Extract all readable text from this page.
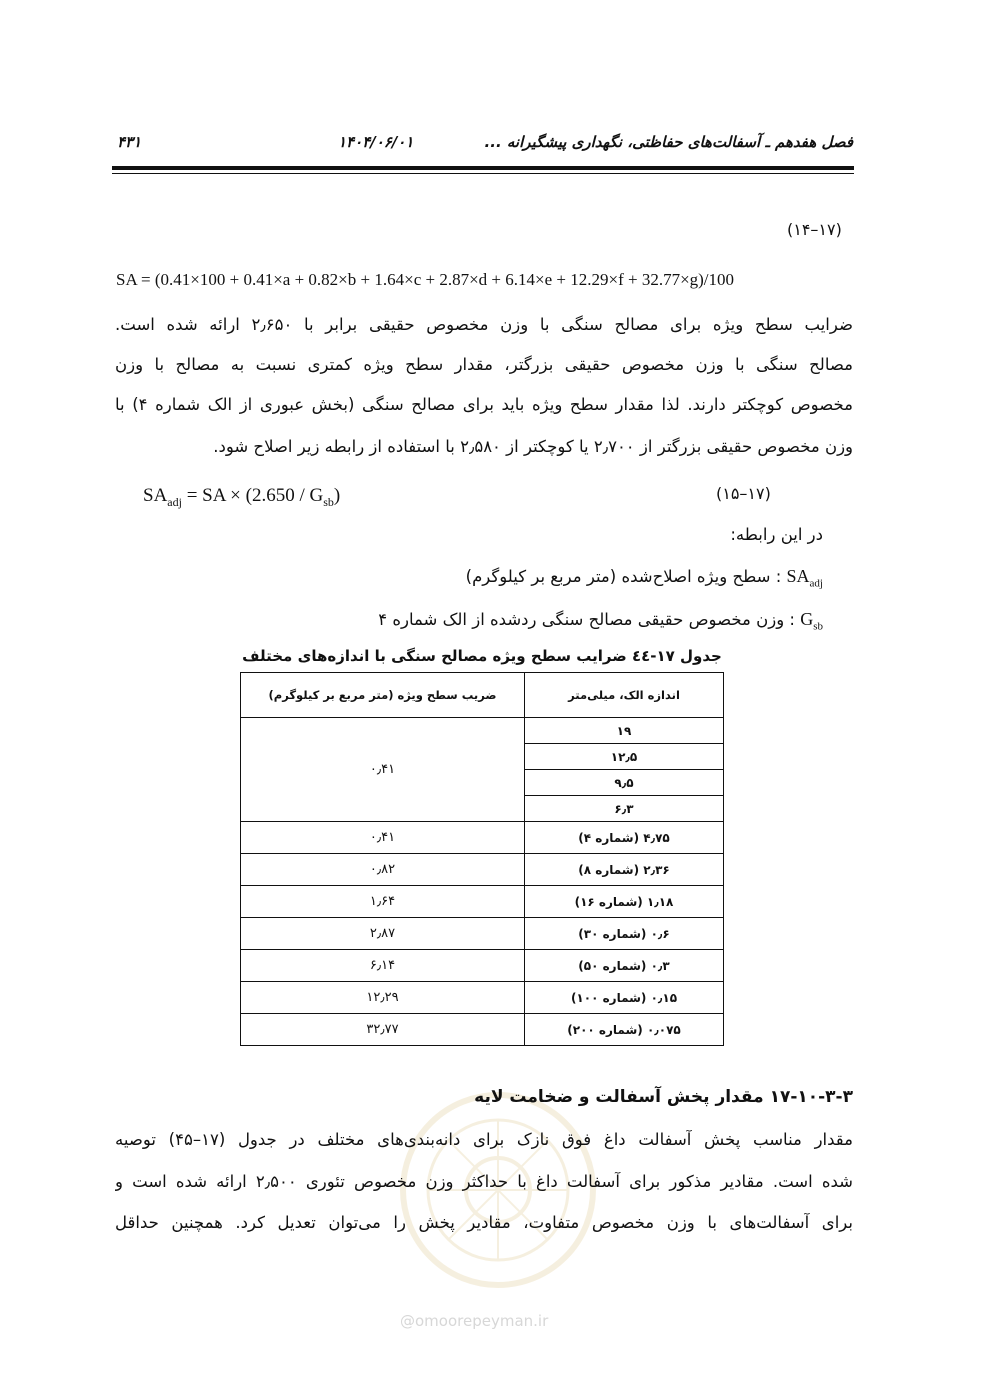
فصل هفدهم ـ آسفالت‌های حفاظتی، نگهداری پیشگیرانه ...
۱۴۰۴/۰۶/۰۱
۴۳۱
(۱۴–۱۷)
SA = (0.41×100 + 0.41×a + 0.82×b + 1.64×c + 2.87×d + 6.14×e + 12.29×f + 32.77×g)/100
ضرایب سطح ویژه برای مصالح سنگی با وزن مخصوص حقیقی برابر با ۲٫۶۵۰ ارائه شده است.
مصالح سنگی با وزن مخصوص حقیقی بزرگتر، مقدار سطح ویژه کمتری نسبت به مصالح با وزن
مخصوص کوچکتر دارند. لذا مقدار سطح ویژه باید برای مصالح سنگی (بخش عبوری از الک شماره ۴) با
وزن مخصوص حقیقی بزرگتر از ۲٫۷۰۰ یا کوچکتر از ۲٫۵۸۰ با استفاده از رابطه زیر اصلاح شود.
$SA_{adj}$ = SA × $(2.650 / G_{sb})$	(۱۵–۱۷)
در این رابطه:
$SA_{adj}$ : سطح ویژه اصلاح‌شده (متر مربع بر کیلوگرم)
$G_{sb}$ : وزن مخصوص حقیقی مصالح سنگی ردشده از الک شماره ۴
جدول ۱۷-٤٤ ضرایب سطح ویژه مصالح سنگی با اندازه‌های مختلف
اندازه الک، میلی‌متر	ضریب سطح ویژه (متر مربع بر کیلوگرم)
۱۹	۰٫۴۱
۱۲٫۵	
۹٫۵	
۶٫۳	
۴٫۷۵ (شماره ۴)	۰٫۴۱
۲٫۳۶ (شماره ۸)	۰٫۸۲
۱٫۱۸ (شماره ۱۶)	۱٫۶۴
۰٫۶ (شماره ۳۰)	۲٫۸۷
۰٫۳ (شماره ۵۰)	۶٫۱۴
۰٫۱۵ (شماره ۱۰۰)	۱۲٫۲۹
۰٫۰۷۵ (شماره ۲۰۰)	۳۲٫۷۷
@omoorepeyman.ir
۱۷-۱۰-۳-۳ مقدار پخش آسفالت و ضخامت لایه
مقدار مناسب پخش آسفالت داغ فوق نازک برای دانه‌بندی‌های مختلف در جدول (۱۷–۴۵) توصیه
شده است. مقادیر مذکور برای آسفالت داغ با حداکثر وزن مخصوص تئوری ۲٫۵۰۰ ارائه شده است و
برای آسفالت‌های با وزن مخصوص متفاوت، مقادیر پخش را می‌توان تعدیل کرد. همچنین حداقل
